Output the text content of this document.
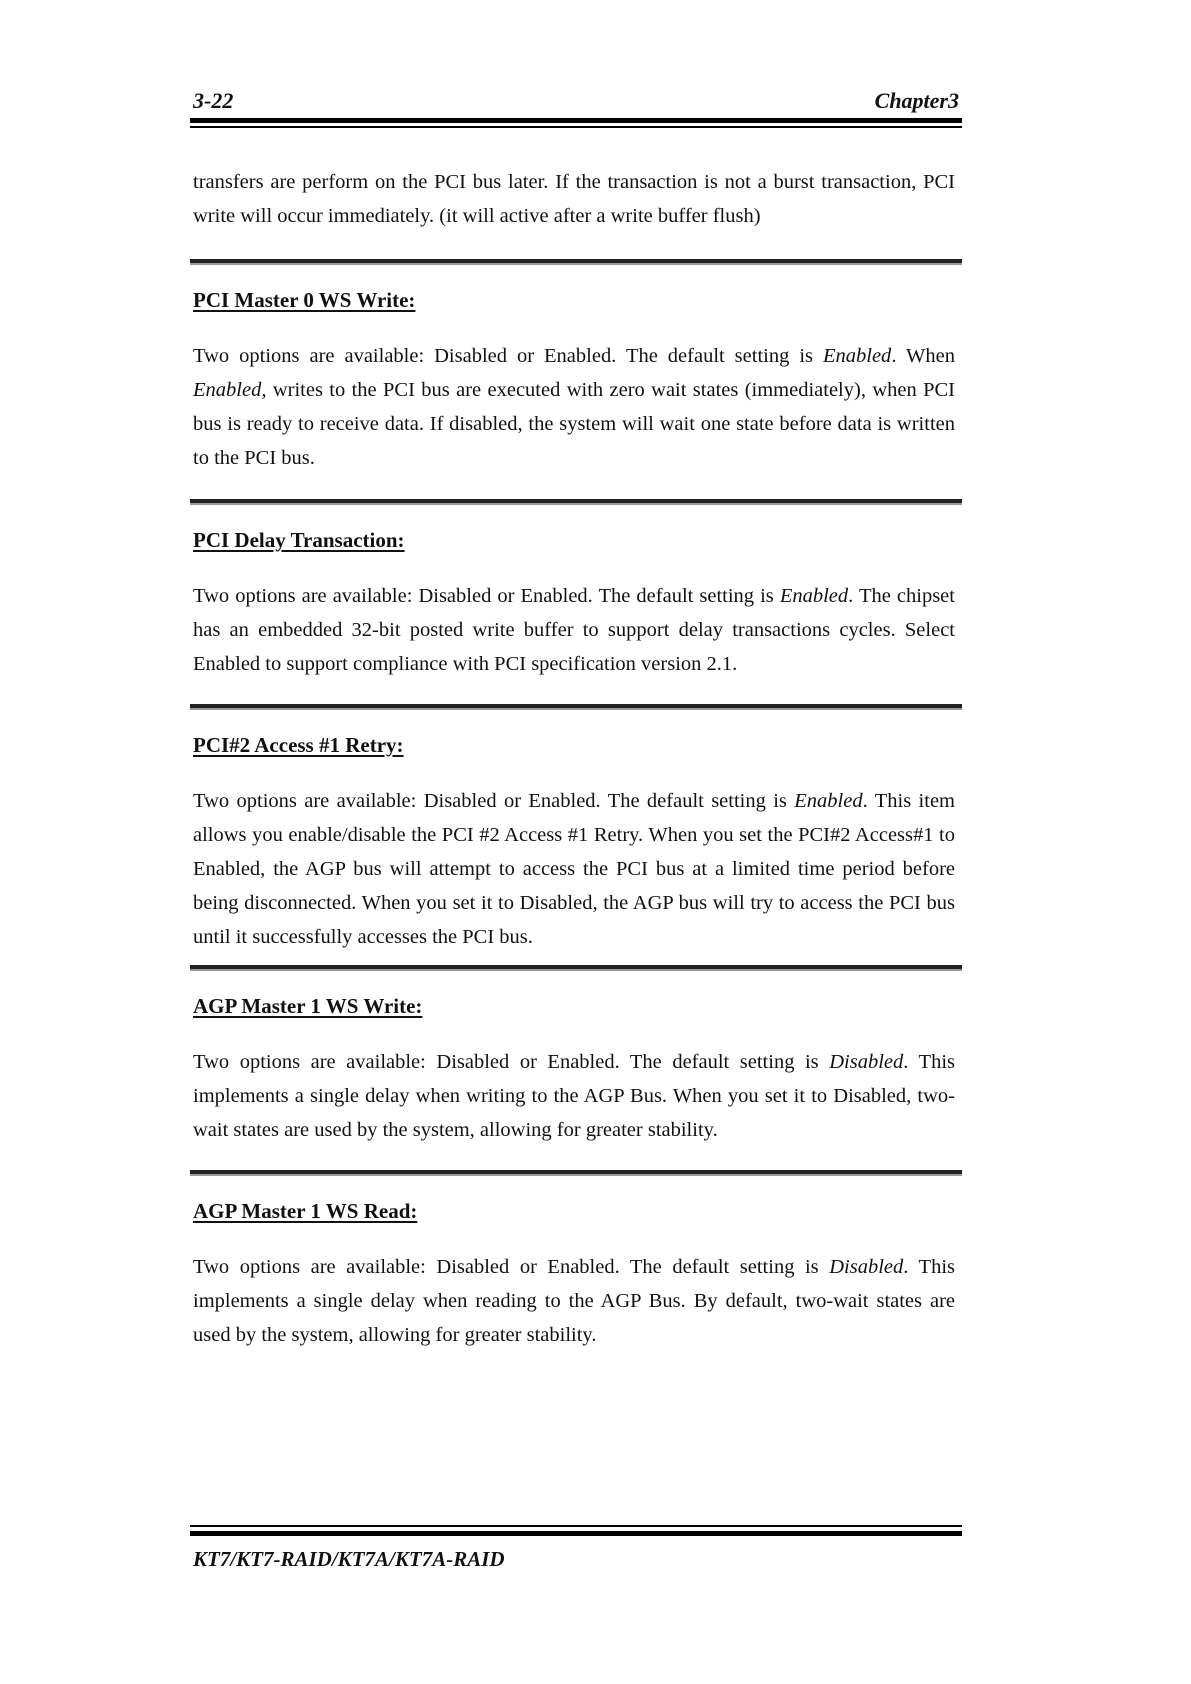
3-22	Chapter3

transfers are perform on the PCI bus later. If the transaction is not a burst transaction, PCI write will occur immediately. (it will active after a write buffer flush)

PCI Master 0 WS Write:

Two options are available: Disabled or Enabled. The default setting is Enabled. When Enabled, writes to the PCI bus are executed with zero wait states (immediately), when PCI bus is ready to receive data. If disabled, the system will wait one state before data is written to the PCI bus.

PCI Delay Transaction:

Two options are available: Disabled or Enabled. The default setting is Enabled. The chipset has an embedded 32-bit posted write buffer to support delay transactions cycles. Select Enabled to support compliance with PCI specification version 2.1.

PCI#2 Access #1 Retry:

Two options are available: Disabled or Enabled. The default setting is Enabled. This item allows you enable/disable the PCI #2 Access #1 Retry. When you set the PCI#2 Access#1 to Enabled, the AGP bus will attempt to access the PCI bus at a limited time period before being disconnected. When you set it to Disabled, the AGP bus will try to access the PCI bus until it successfully accesses the PCI bus.

AGP Master 1 WS Write:

Two options are available: Disabled or Enabled. The default setting is Disabled. This implements a single delay when writing to the AGP Bus. When you set it to Disabled, two-wait states are used by the system, allowing for greater stability.

AGP Master 1 WS Read:

Two options are available: Disabled or Enabled. The default setting is Disabled. This implements a single delay when reading to the AGP Bus. By default, two-wait states are used by the system, allowing for greater stability.

KT7/KT7-RAID/KT7A/KT7A-RAID
